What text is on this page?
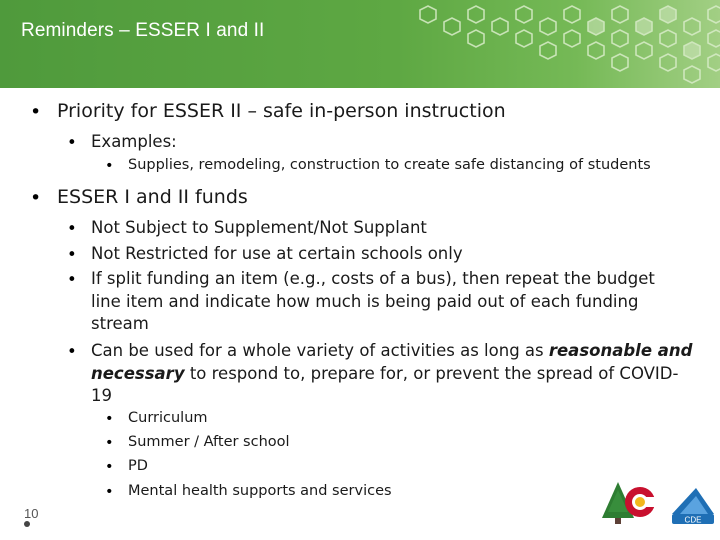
Reminders – ESSER I and II
• Priority for ESSER II – safe in-person instruction
• Examples:
• Supplies, remodeling, construction to create safe distancing of students
• ESSER I and II funds
• Not Subject to Supplement/Not Supplant
• Not Restricted for use at certain schools only
• If split funding an item (e.g., costs of a bus), then repeat the budget
line item and indicate how much is being paid out of each funding
stream
• Can be used for a whole variety of activities as long as reasonable and
necessary to respond to, prepare for, or prevent the spread of COVID-
19
• Curriculum
• Summer / After school
• PD
• Mental health supports and services
10	CDE
